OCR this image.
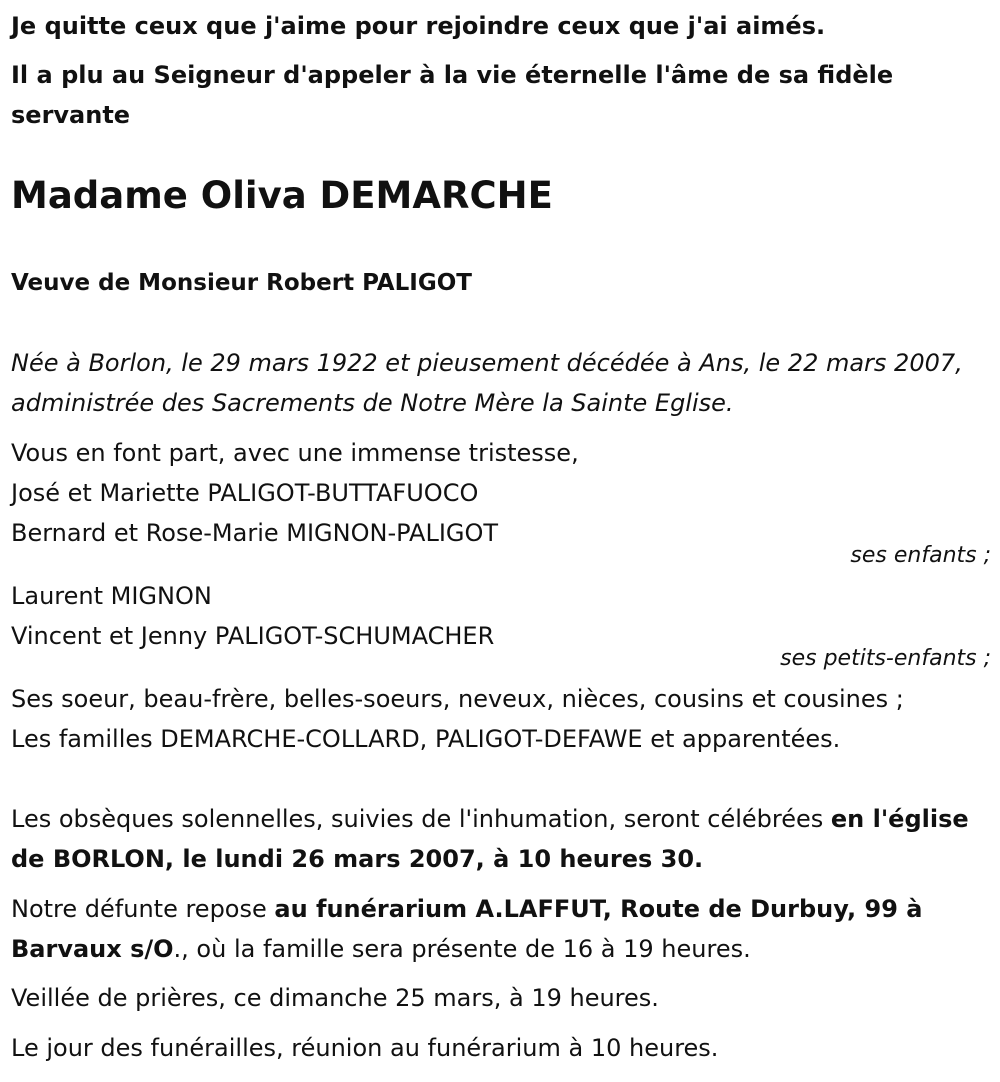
Je quitte ceux que j'aime pour rejoindre ceux que j'ai aimés.

Il a plu au Seigneur d'appeler à la vie éternelle l'âme de sa fidèle servante

Madame Oliva DEMARCHE

Veuve de Monsieur Robert PALIGOT

Née à Borlon, le 29 mars 1922 et pieusement décédée à Ans, le 22 mars 2007, administrée des Sacrements de Notre Mère la Sainte Eglise.

Vous en font part, avec une immense tristesse,

José et Mariette PALIGOT-BUTTAFUOCO

Bernard et Rose-Marie MIGNON-PALIGOT

ses enfants ;

Laurent MIGNON

Vincent et Jenny PALIGOT-SCHUMACHER

ses petits-enfants ;

Ses soeur, beau-frère, belles-soeurs, neveux, nièces, cousins et cousines ;

Les familles DEMARCHE-COLLARD, PALIGOT-DEFAWE et apparentées.

Les obsèques solennelles, suivies de l'inhumation, seront célébrées en l'église de BORLON, le lundi 26 mars 2007, à 10 heures 30.

Notre défunte repose au funérarium A.LAFFUT, Route de Durbuy, 99 à Barvaux s/O., où la famille sera présente de 16 à 19 heures.

Veillée de prières, ce dimanche 25 mars, à 19 heures.

Le jour des funérailles, réunion au funérarium à 10 heures.
